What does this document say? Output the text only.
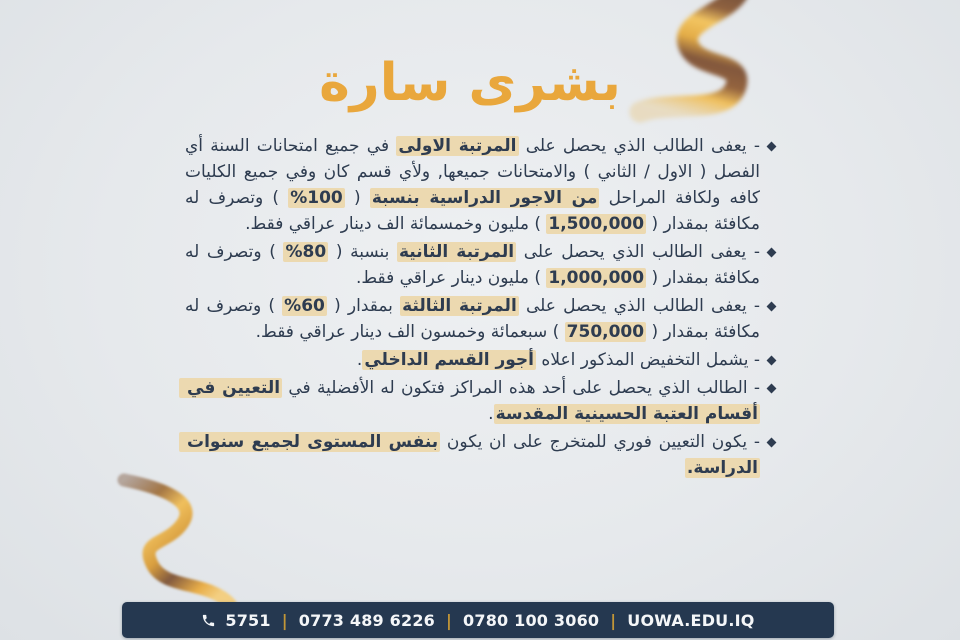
بشرى سارة

- يعفى الطالب الذي يحصل على المرتبة الاولى في جميع امتحانات السنة أي الفصل ( الاول / الثاني ) والامتحانات جميعها, ولأي قسم كان وفي جميع الكليات كافه ولكافة المراحل من الاجور الدراسية بنسبة ( 100% ) وتصرف له مكافئة بمقدار ( 1,500,000 ) مليون وخمسمائة الف دينار عراقي فقط.

- يعفى الطالب الذي يحصل على المرتبة الثانية بنسبة ( 80% ) وتصرف له مكافئة بمقدار ( 1,000,000 ) مليون دينار عراقي فقط.

- يعفى الطالب الذي يحصل على المرتبة الثالثة بمقدار ( 60% ) وتصرف له مكافئة بمقدار ( 750,000 ) سبعمائة وخمسون الف دينار عراقي فقط.

- يشمل التخفيض المذكور اعلاه أجور القسم الداخلي.

- الطالب الذي يحصل على أحد هذه المراكز فتكون له الأفضلية في التعيين في أقسام العتبة الحسينية المقدسة.

- يكون التعيين فوري للمتخرج على ان يكون بنفس المستوى لجميع سنوات الدراسة.

5751 | 0773 489 6226 | 0780 100 3060 | UOWA.EDU.IQ
